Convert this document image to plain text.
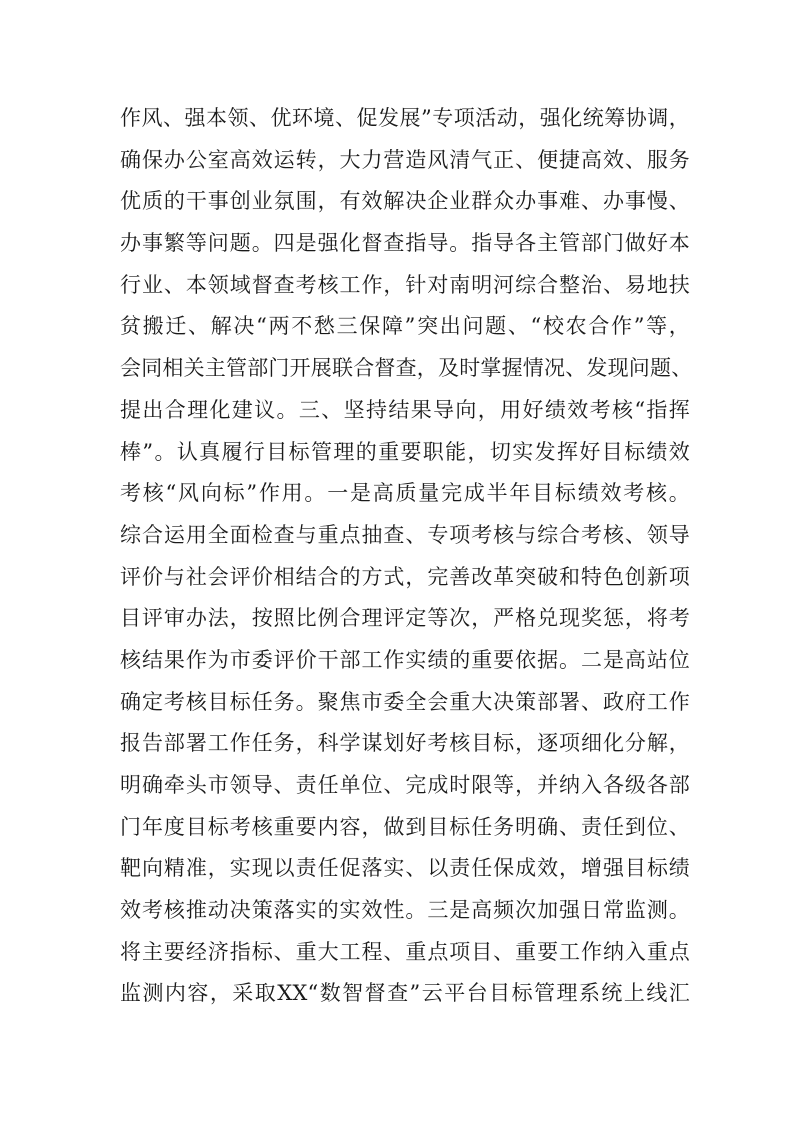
作风、强本领、优环境、促发展”专项活动，强化统筹协调，
确保办公室高效运转，大力营造风清气正、便捷高效、服务
优质的干事创业氛围，有效解决企业群众办事难、办事慢、
办事繁等问题。四是强化督查指导。指导各主管部门做好本
行业、本领域督查考核工作，针对南明河综合整治、易地扶
贫搬迁、解决“两不愁三保障”突出问题、“校农合作”等，
会同相关主管部门开展联合督查，及时掌握情况、发现问题、
提出合理化建议。三、坚持结果导向，用好绩效考核“指挥
棒”。认真履行目标管理的重要职能，切实发挥好目标绩效
考核“风向标”作用。一是高质量完成半年目标绩效考核。
综合运用全面检查与重点抽查、专项考核与综合考核、领导
评价与社会评价相结合的方式，完善改革突破和特色创新项
目评审办法，按照比例合理评定等次，严格兑现奖惩，将考
核结果作为市委评价干部工作实绩的重要依据。二是高站位
确定考核目标任务。聚焦市委全会重大决策部署、政府工作
报告部署工作任务，科学谋划好考核目标，逐项细化分解，
明确牵头市领导、责任单位、完成时限等，并纳入各级各部
门年度目标考核重要内容，做到目标任务明确、责任到位、
靶向精准，实现以责任促落实、以责任保成效，增强目标绩
效考核推动决策落实的实效性。三是高频次加强日常监测。
将主要经济指标、重大工程、重点项目、重要工作纳入重点
监测内容，采取XX“数智督查”云平台目标管理系统上线汇
